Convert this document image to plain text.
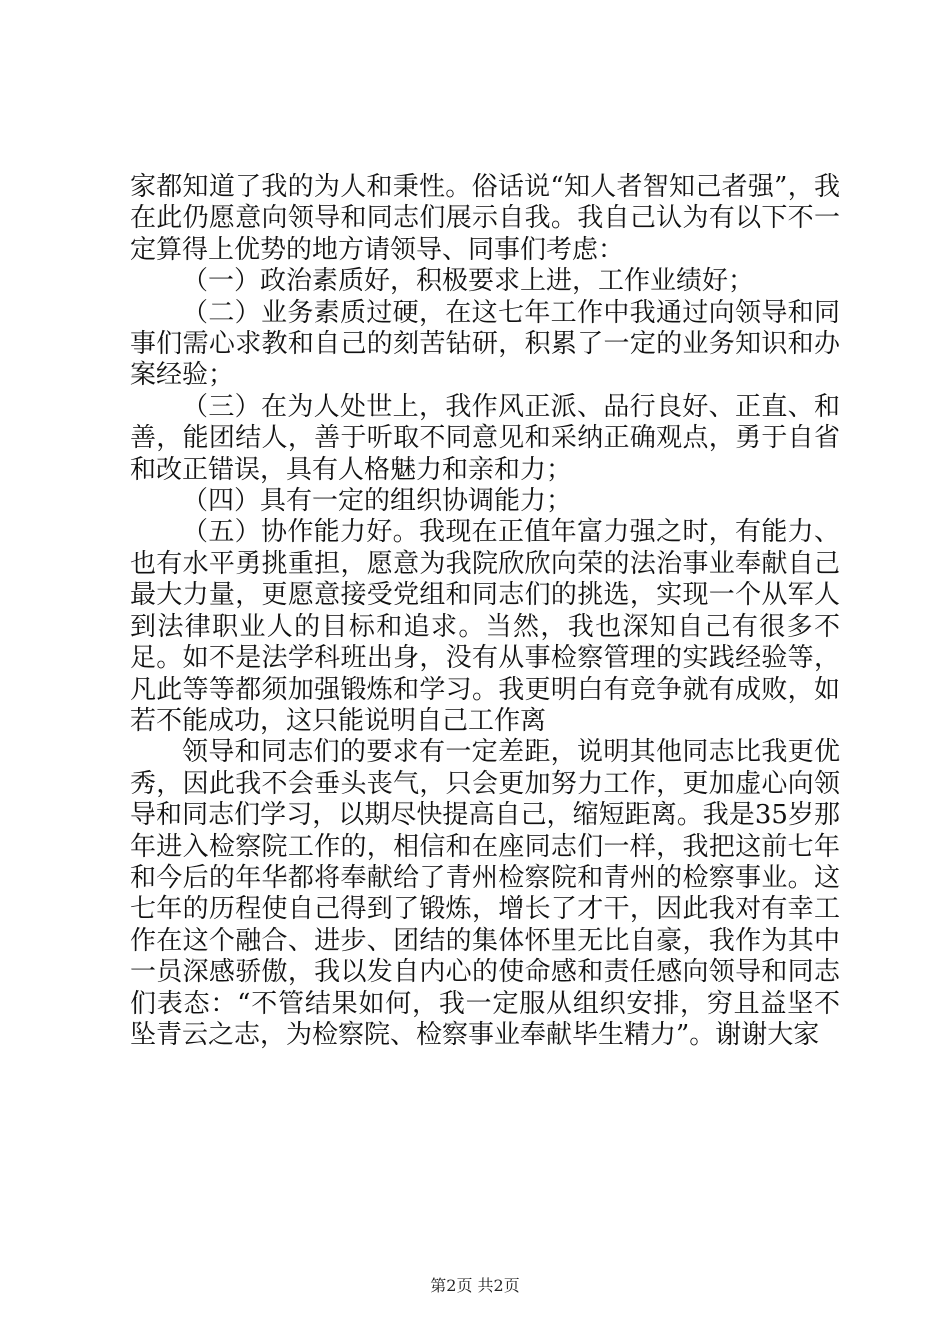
家都知道了我的为人和秉性。俗话说“知人者智知己者强”，我在此仍愿意向领导和同志们展示自我。我自己认为有以下不一定算得上优势的地方请领导、同事们考虑：

（一）政治素质好，积极要求上进，工作业绩好；

（二）业务素质过硬，在这七年工作中我通过向领导和同事们需心求教和自己的刻苦钻研，积累了一定的业务知识和办案经验；

（三）在为人处世上，我作风正派、品行良好、正直、和善，能团结人，善于听取不同意见和采纳正确观点，勇于自省和改正错误，具有人格魅力和亲和力；

（四）具有一定的组织协调能力；

（五）协作能力好。我现在正值年富力强之时，有能力、也有水平勇挑重担，愿意为我院欣欣向荣的法治事业奉献自己最大力量，更愿意接受党组和同志们的挑选，实现一个从军人到法律职业人的目标和追求。当然，我也深知自己有很多不足。如不是法学科班出身，没有从事检察管理的实践经验等，凡此等等都须加强锻炼和学习。我更明白有竞争就有成败，如若不能成功，这只能说明自己工作离

领导和同志们的要求有一定差距，说明其他同志比我更优秀，因此我不会垂头丧气，只会更加努力工作，更加虚心向领导和同志们学习，以期尽快提高自己，缩短距离。我是35岁那年进入检察院工作的，相信和在座同志们一样，我把这前七年和今后的年华都将奉献给了青州检察院和青州的检察事业。这七年的历程使自己得到了锻炼，增长了才干，因此我对有幸工作在这个融合、进步、团结的集体怀里无比自豪，我作为其中一员深感骄傲，我以发自内心的使命感和责任感向领导和同志们表态：“不管结果如何，我一定服从组织安排，穷且益坚不坠青云之志，为检察院、检察事业奉献毕生精力”。谢谢大家

第2页 共2页
